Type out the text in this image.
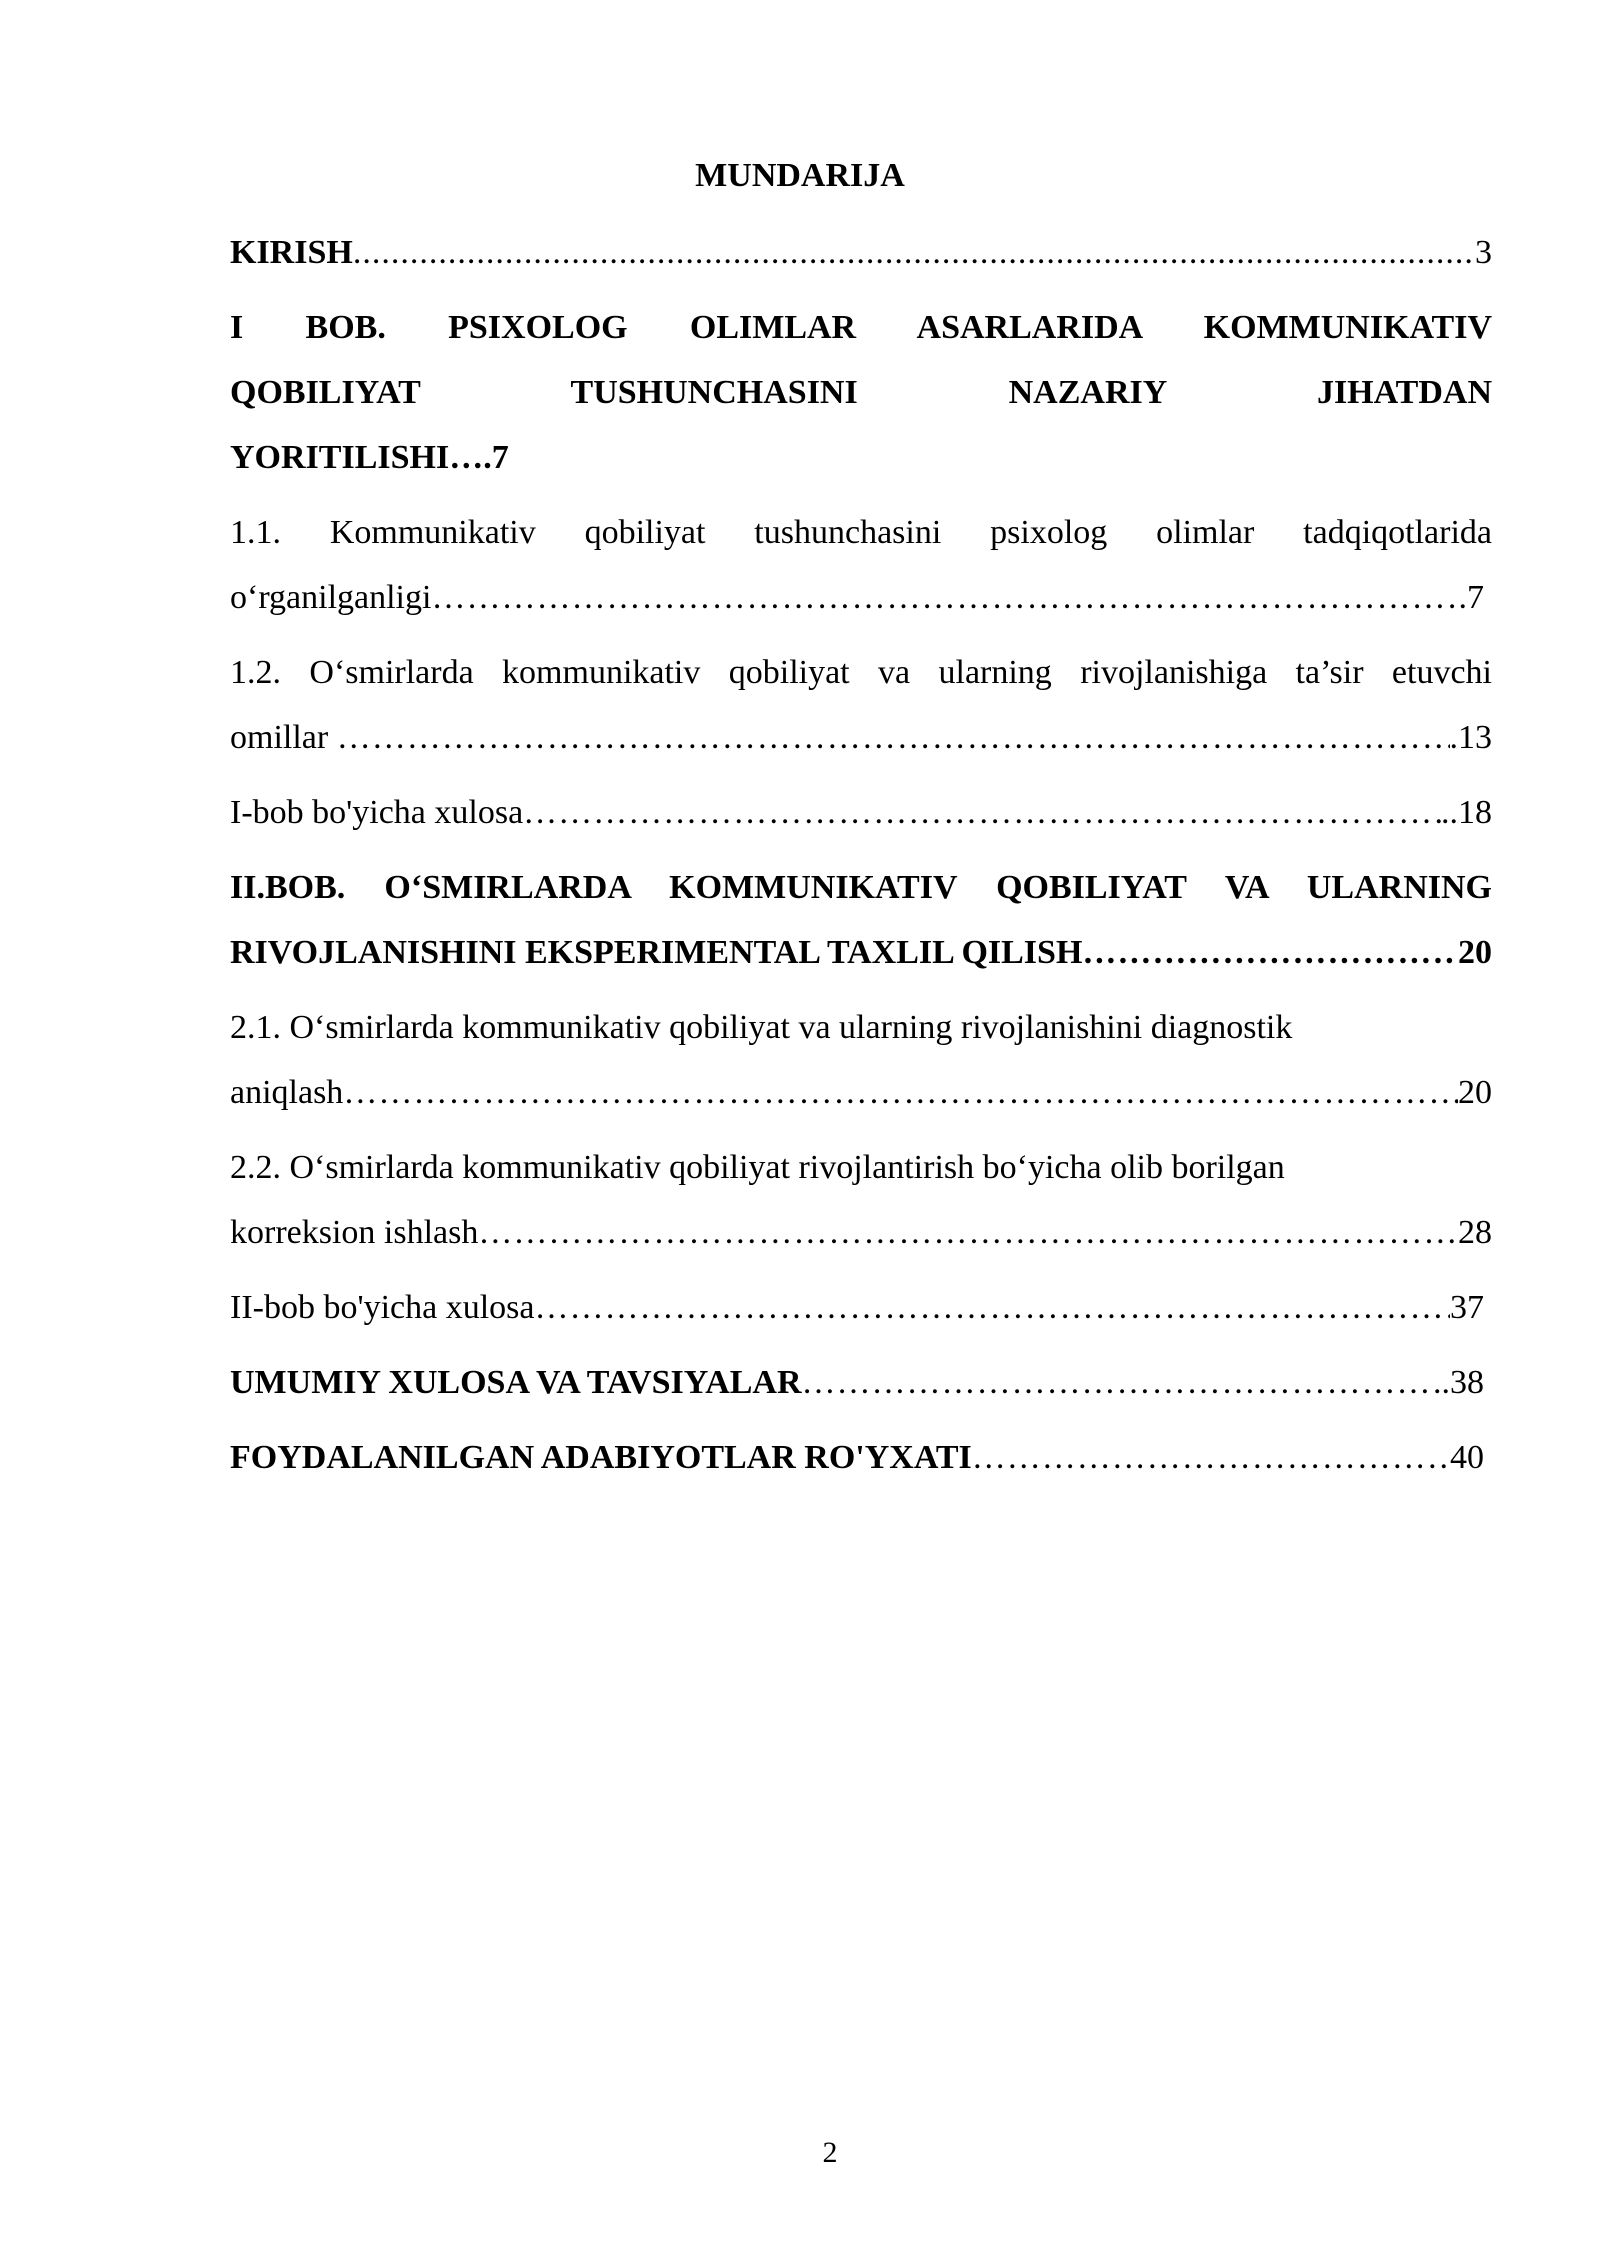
MUNDARIJA
KIRISH .....	3
I BOB. PSIXOLOG OLIMLAR ASARLARIDA KOMMUNIKATIV
QOBILIYAT TUSHUNCHASINI NAZARIY JIHATDAN
YORITILISHI….7
1.1. Kommunikativ qobiliyat tushunchasini psixolog olimlar tadqiqotlarida
o‘rganilganligi ………………………………………………………………………………………………………………………………………………………………………………………………………………	.7
1.2. O‘smirlarda kommunikativ qobiliyat va ularning rivojlanishiga ta’sir etuvchi
omillar ………………………………………………………………………………………………………………………………………………………………………………………………………………	.13
I-bob bo'yicha xulosa ………………………………………………………………………………………………………………………………………………………………………………………………………………	..18
II.BOB. O‘SMIRLARDA KOMMUNIKATIV QOBILIYAT VA ULARNING
RIVOJLANISHINI EKSPERIMENTAL TAXLIL QILISH ………………………………………………………………………………………………………………………………………………………………………………………………………………	20
2.1. O‘smirlarda kommunikativ qobiliyat va ularning rivojlanishini diagnostik
aniqlash ………………………………………………………………………………………………………………………………………………………………………………………………………………	20
2.2. O‘smirlarda kommunikativ qobiliyat rivojlantirish bo‘yicha olib borilgan
korreksion ishlash ………………………………………………………………………………………………………………………………………………………………………………………………………………	28
II-bob bo'yicha xulosa ………………………………………………………………………………………………………………………………………………………………………………………………………………	37
UMUMIY XULOSA VA TAVSIYALAR ………………………………………………………………………………………………………………………………………………………………………………………………………………	..38
FOYDALANILGAN ADABIYOTLAR RO'YXATI ………………………………………………………………………………………………………………………………………………………………………………………………………………	40
2
